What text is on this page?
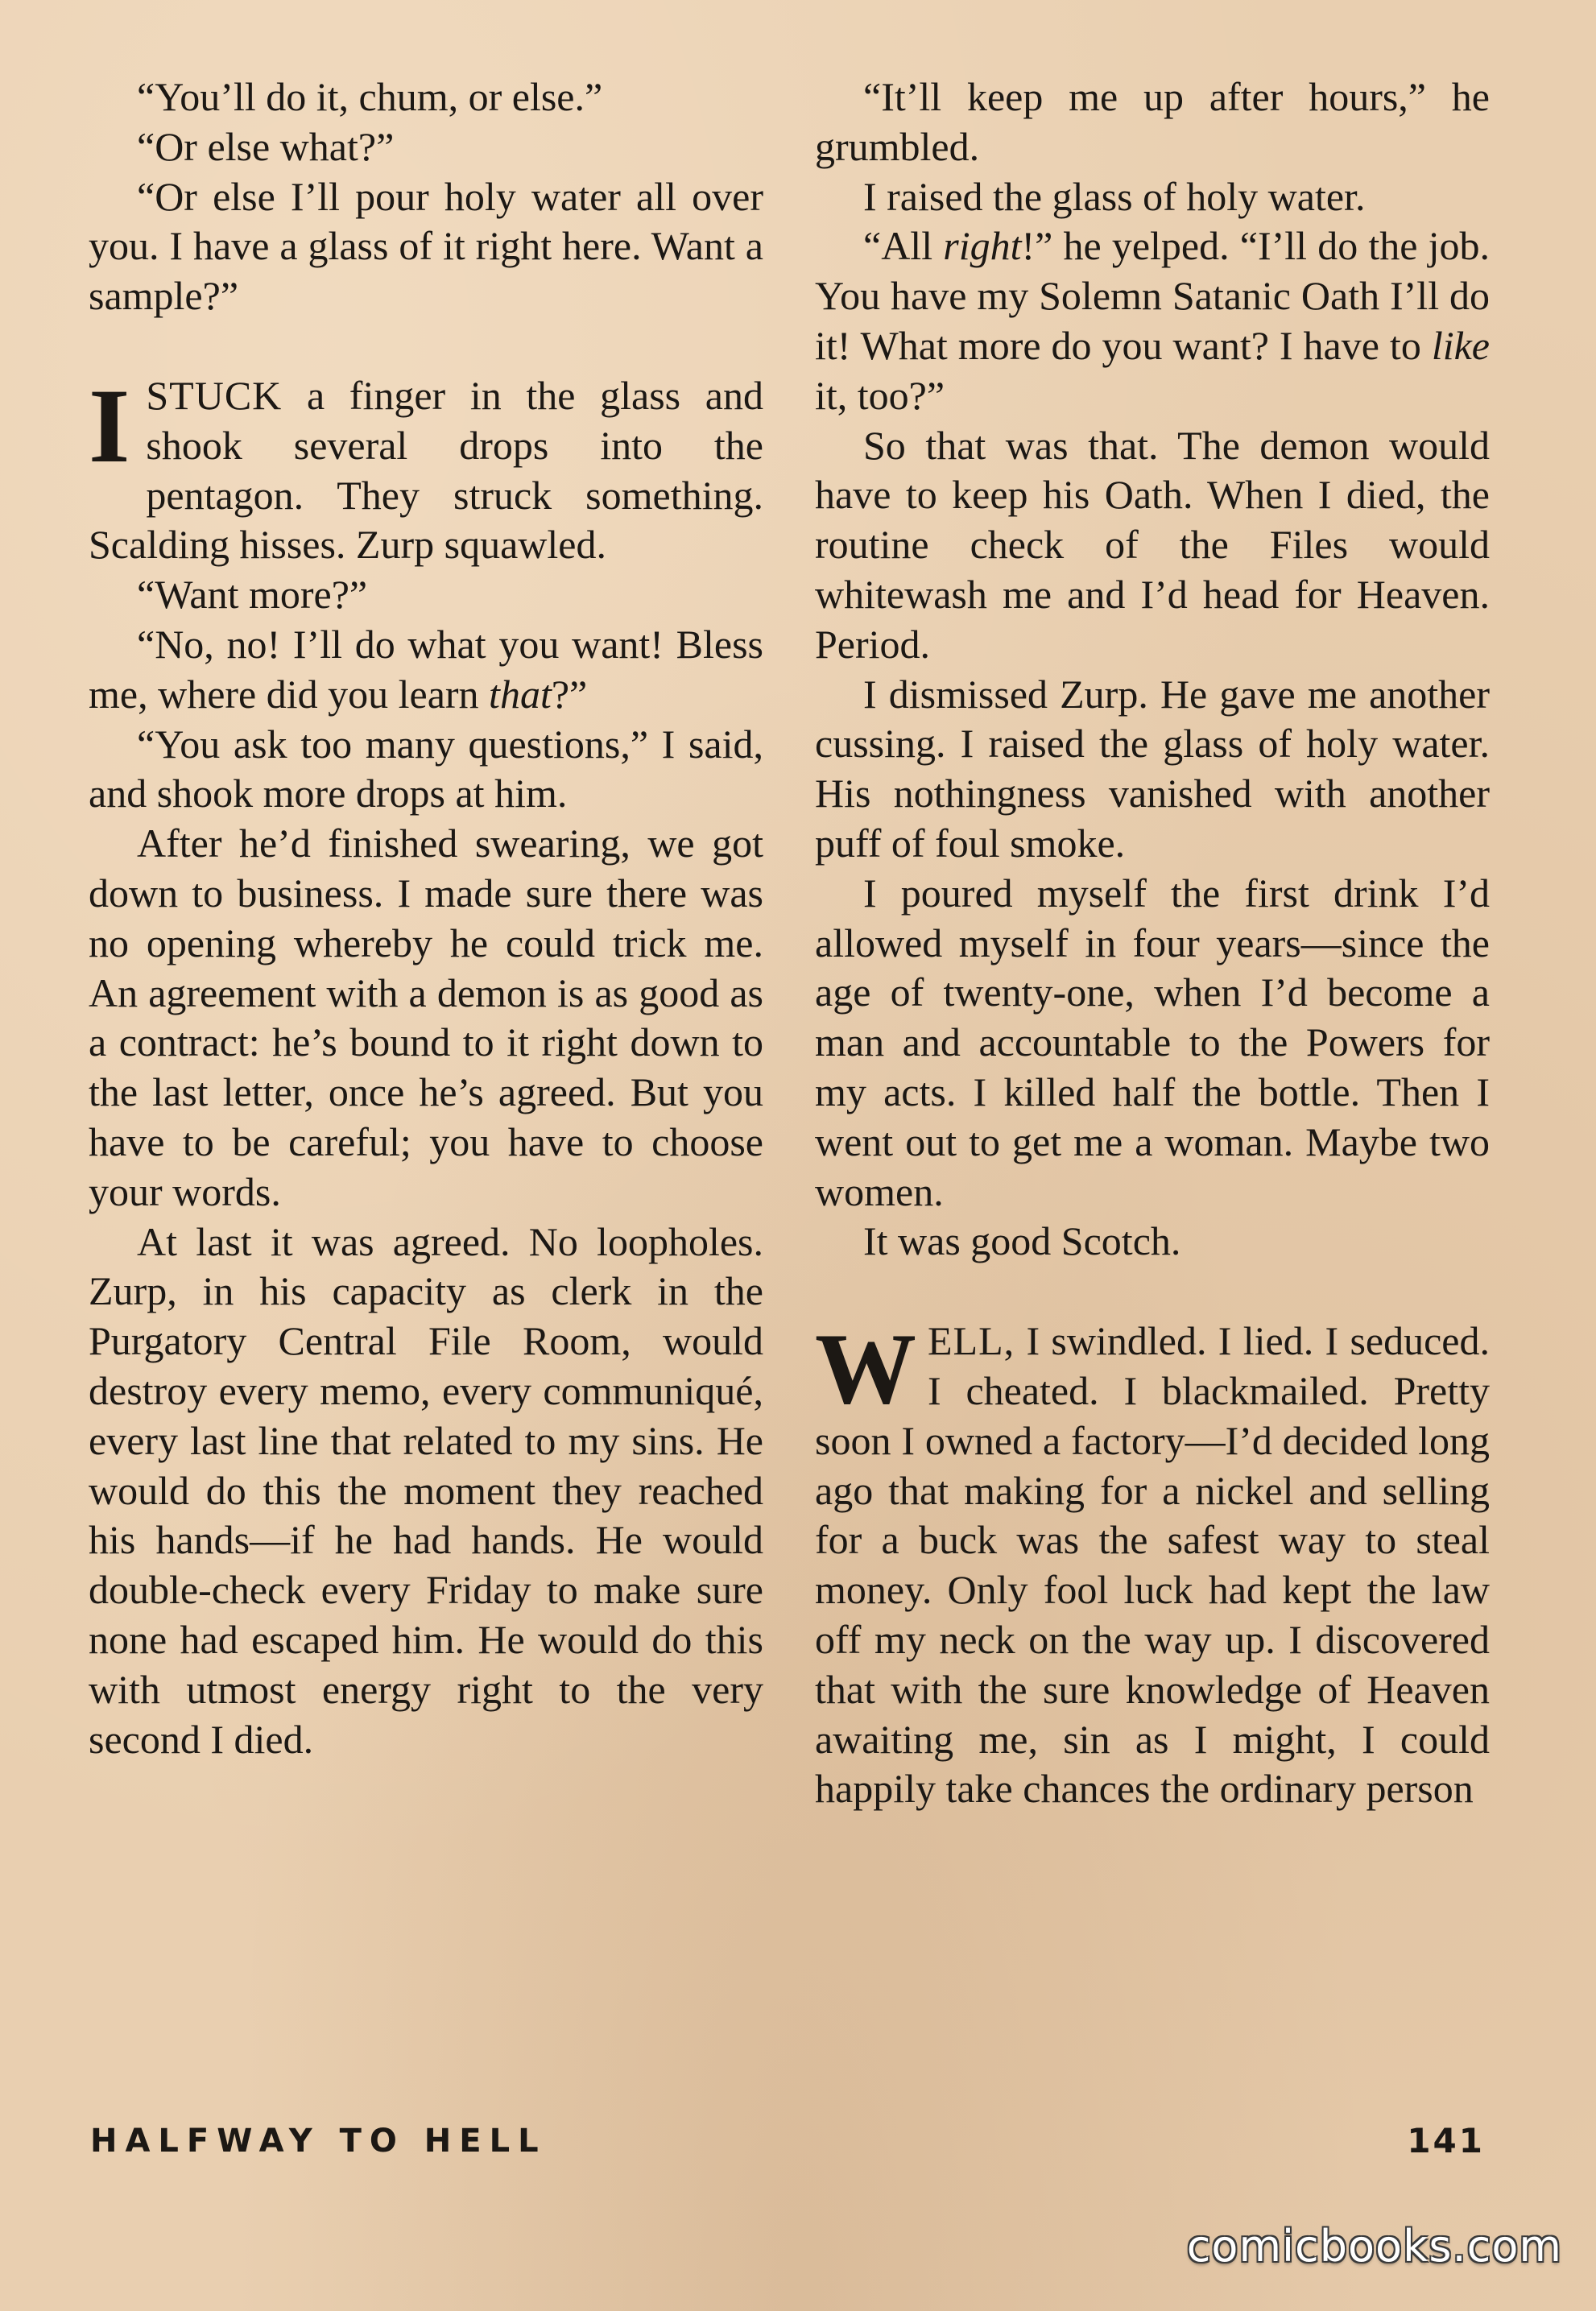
“You’ll do it, chum, or else.”

“Or else what?”

“Or else I’ll pour holy water all over you. I have a glass of it right here. Want a sample?”

ISTUCK a finger in the glass and shook several drops into the pentagon. They struck something. Scalding hisses. Zurp squawled.

“Want more?”

“No, no! I’ll do what you want! Bless me, where did you learn that?”

“You ask too many questions,” I said, and shook more drops at him.

After he’d finished swearing, we got down to business. I made sure there was no opening whereby he could trick me. An agreement with a demon is as good as a contract: he’s bound to it right down to the last letter, once he’s agreed. But you have to be careful; you have to choose your words.

At last it was agreed. No loopholes. Zurp, in his capacity as clerk in the Purgatory Central File Room, would destroy every memo, every communiqué, every last line that related to my sins. He would do this the moment they reached his hands—if he had hands. He would double-check every Friday to make sure none had escaped him. He would do this with utmost energy right to the very second I died.

“It’ll keep me up after hours,” he grumbled.

I raised the glass of holy water.

“All right!” he yelped. “I’ll do the job. You have my Solemn Satanic Oath I’ll do it! What more do you want? I have to like it, too?”

So that was that. The demon would have to keep his Oath. When I died, the routine check of the Files would whitewash me and I’d head for Heaven. Period.

I dismissed Zurp. He gave me another cussing. I raised the glass of holy water. His nothingness vanished with another puff of foul smoke.

I poured myself the first drink I’d allowed myself in four years—since the age of twenty-one, when I’d become a man and accountable to the Powers for my acts. I killed half the bottle. Then I went out to get me a woman. Maybe two women.

It was good Scotch.

WELL, I swindled. I lied. I seduced. I cheated. I blackmailed. Pretty soon I owned a factory—I’d decided long ago that making for a nickel and selling for a buck was the safest way to steal money. Only fool luck had kept the law off my neck on the way up. I discovered that with the sure knowledge of Heaven awaiting me, sin as I might, I could happily take chances the ordinary person

HALFWAY TO HELL	141
comicbooks.com
